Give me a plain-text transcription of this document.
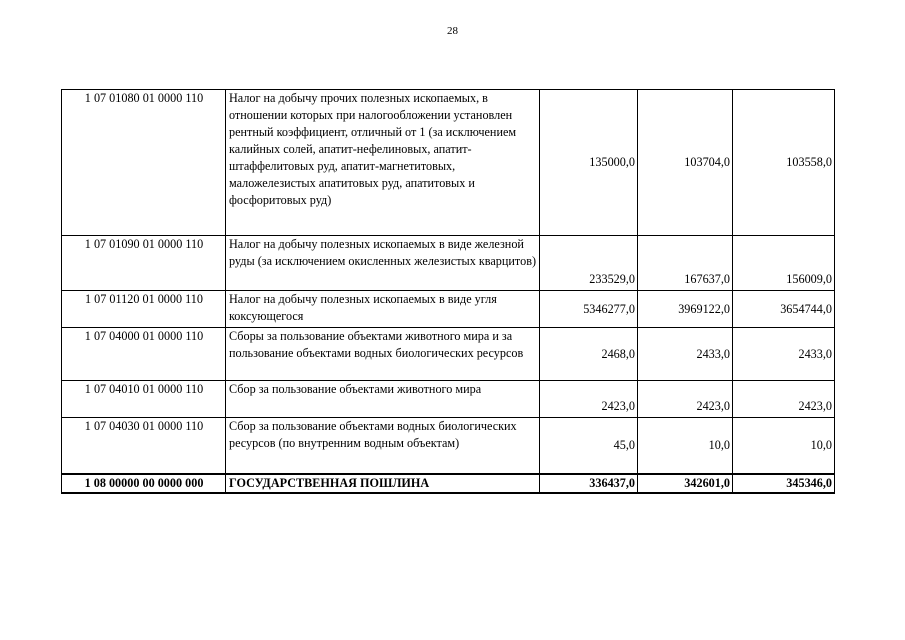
28
1 07 01080 01 0000 110	Налог на добычу прочих полезных ископаемых, в отношении которых при налогообложении установлен рентный коэффициент, отличный от 1 (за исключением калийных солей, апатит-нефелиновых, апатит-штаффелитовых руд, апатит-магнетитовых, маложелезистых апатитовых руд, апатитовых и фосфоритовых руд)	135000,0	103704,0	103558,0
1 07 01090 01 0000 110	Налог на добычу полезных ископаемых в виде железной руды (за исключением окисленных железистых кварцитов)	233529,0	167637,0	156009,0
1 07 01120 01 0000 110	Налог на добычу полезных ископаемых в виде угля коксующегося	5346277,0	3969122,0	3654744,0
1 07 04000 01 0000 110	Сборы за пользование объектами животного мира и за пользование объектами водных биологических ресурсов	2468,0	2433,0	2433,0
1 07 04010 01 0000 110	Сбор за пользование объектами животного мира	2423,0	2423,0	2423,0
1 07 04030 01 0000 110	Сбор за пользование объектами водных биологических ресурсов (по внутренним водным объектам)	45,0	10,0	10,0
1 08 00000 00 0000 000	ГОСУДАРСТВЕННАЯ ПОШЛИНА	336437,0	342601,0	345346,0
